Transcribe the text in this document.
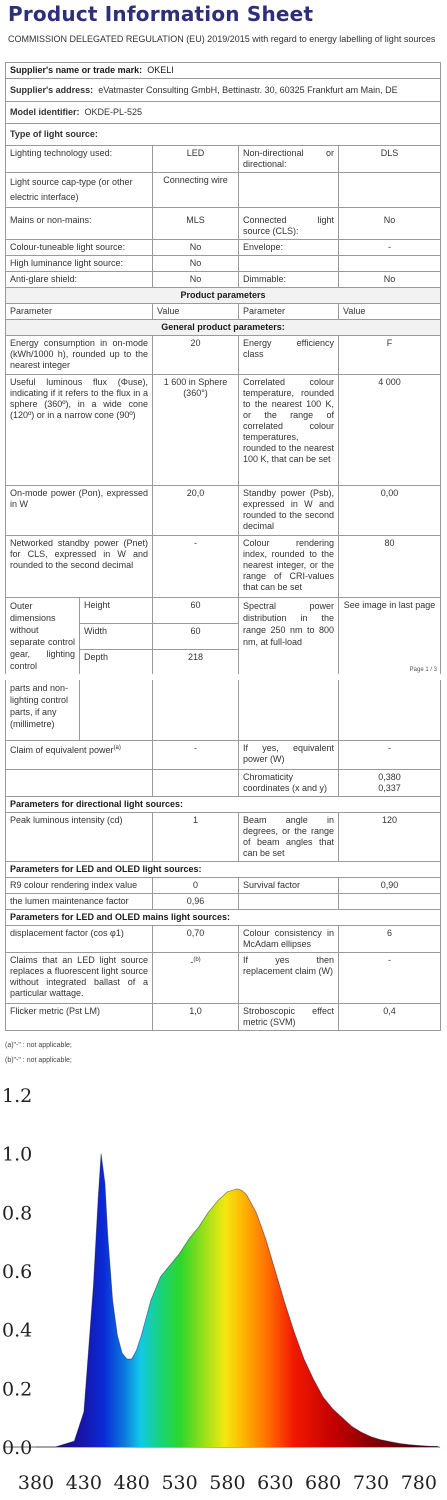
Product Information Sheet
COMMISSION DELEGATED REGULATION (EU) 2019/2015 with regard to energy labelling of light sources
Supplier's name or trade mark: OKELI			
Supplier's address: eVatmaster Consulting GmbH, Bettinastr. 30, 60325 Frankfurt am Main, DE			
Model identifier: OKDE-PL-525			
Type of light source:			
Lighting technology used:	LED	Non-directional or directional:	DLS
Light source cap-type (or other electric interface)	Connecting wire		
Mains or non-mains:	MLS	Connected light source (CLS):	No
Colour-tuneable light source:	No	Envelope:	-
High luminance light source:	No		
Anti-glare shield:	No	Dimmable:	No
Product parameters			
Parameter	Value	Parameter	Value
General product parameters:			
Energy consumption in on-mode (kWh/1000 h), rounded up to the nearest integer	20	Energy efficiency class	F
Useful luminous flux (Φuse), indicating if it refers to the flux in a sphere (360º), in a wide cone (120º) or in a narrow cone (90º)	1 600 in Sphere (360°)	Correlated colour temperature, rounded to the nearest 100 K, or the range of correlated colour temperatures, rounded to the nearest 100 K, that can be set	4 000
On-mode power (Pon), expressed in W	20,0	Standby power (Psb), expressed in W and rounded to the second decimal	0,00
Networked standby power (Pnet) for CLS, expressed in W and rounded to the second decimal	-	Colour rendering index, rounded to the nearest integer, or the range of CRI-values that can be set	80
Outer dimensions without separate control gear, lighting control	Height	60	Spectral power distribution in the range 250 nm to 800 nm, at full-load	See image in last page
	Width	60		
	Depth	218		
Page 1 / 3
parts and non-lighting control parts, if any (millimetre)				
Claim of equivalent power$^{(a)}$		-	If yes, equivalent power (W)	-
			Chromaticity coordinates (x and y)	0,380
0,337
Parameters for directional light sources:				
Peak luminous intensity (cd)		1	Beam angle in degrees, or the range of beam angles that can be set	120
Parameters for LED and OLED light sources:				
R9 colour rendering index value		0	Survival factor	0,90
the lumen maintenance factor		0,96		
Parameters for LED and OLED mains light sources:				
displacement factor (cos φ1)		0,70	Colour consistency in McAdam ellipses	6
Claims that an LED light source replaces a fluorescent light source without integrated ballast of a particular wattage.		-$^{(b)}$	If yes then replacement claim (W)	-
Flicker metric (Pst LM)		1,0	Stroboscopic effect metric (SVM)	0,4
(a)"-" : not applicable;
(b)"-" : not applicable;
0.0
0.2
0.4
0.6
0.8
1.0
1.2
380 430 480 530 580 630 680 730 780
